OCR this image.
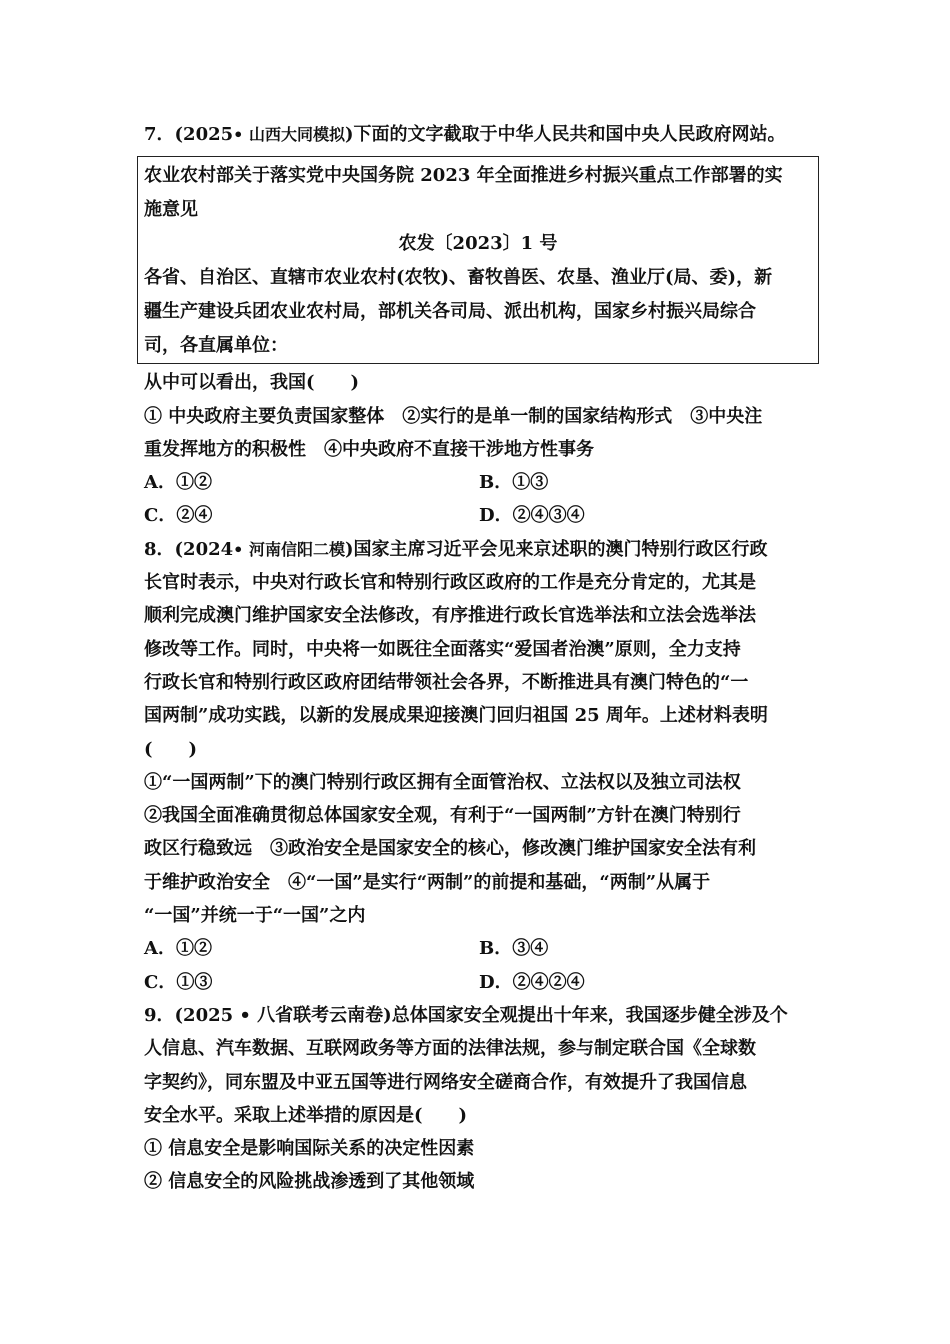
7．(2025• 山西大同模拟)下面的文字截取于中华人民共和国中央人民政府网站。
农业农村部关于落实党中央国务院 2023 年全面推进乡村振兴重点工作部署的实
施意见
农发〔2023〕1 号
各省、自治区、直辖市农业农村(农牧)、畜牧兽医、农垦、渔业厅(局、委)，新
疆生产建设兵团农业农村局，部机关各司局、派出机构，国家乡村振兴局综合
司，各直属单位：
从中可以看出，我国(　　)
① 中央政府主要负责国家整体　②实行的是单一制的国家结构形式　③中央注
重发挥地方的积极性　④中央政府不直接干涉地方性事务
A．①②	B．①③
C．②④	D．②④③④
8．(2024• 河南信阳二模)国家主席习近平会见来京述职的澳门特别行政区行政
长官时表示，中央对行政长官和特别行政区政府的工作是充分肯定的，尤其是
顺利完成澳门维护国家安全法修改，有序推进行政长官选举法和立法会选举法
修改等工作。同时，中央将一如既往全面落实“爱国者治澳”原则，全力支持
行政长官和特别行政区政府团结带领社会各界，不断推进具有澳门特色的“一
国两制”成功实践，以新的发展成果迎接澳门回归祖国 25 周年。上述材料表明
(　　)
①“一国两制”下的澳门特别行政区拥有全面管治权、立法权以及独立司法权
②我国全面准确贯彻总体国家安全观，有利于“一国两制”方针在澳门特别行
政区行稳致远　③政治安全是国家安全的核心，修改澳门维护国家安全法有利
于维护政治安全　④“一国”是实行“两制”的前提和基础，“两制”从属于
“一国”并统一于“一国”之内
A．①②	B．③④
C．①③	D．②④②④
9．(2025 • 八省联考云南卷)总体国家安全观提出十年来，我国逐步健全涉及个
人信息、汽车数据、互联网政务等方面的法律法规，参与制定联合国《全球数
字契约》，同东盟及中亚五国等进行网络安全磋商合作，有效提升了我国信息
安全水平。采取上述举措的原因是(　　)
① 信息安全是影响国际关系的决定性因素
② 信息安全的风险挑战渗透到了其他领域
